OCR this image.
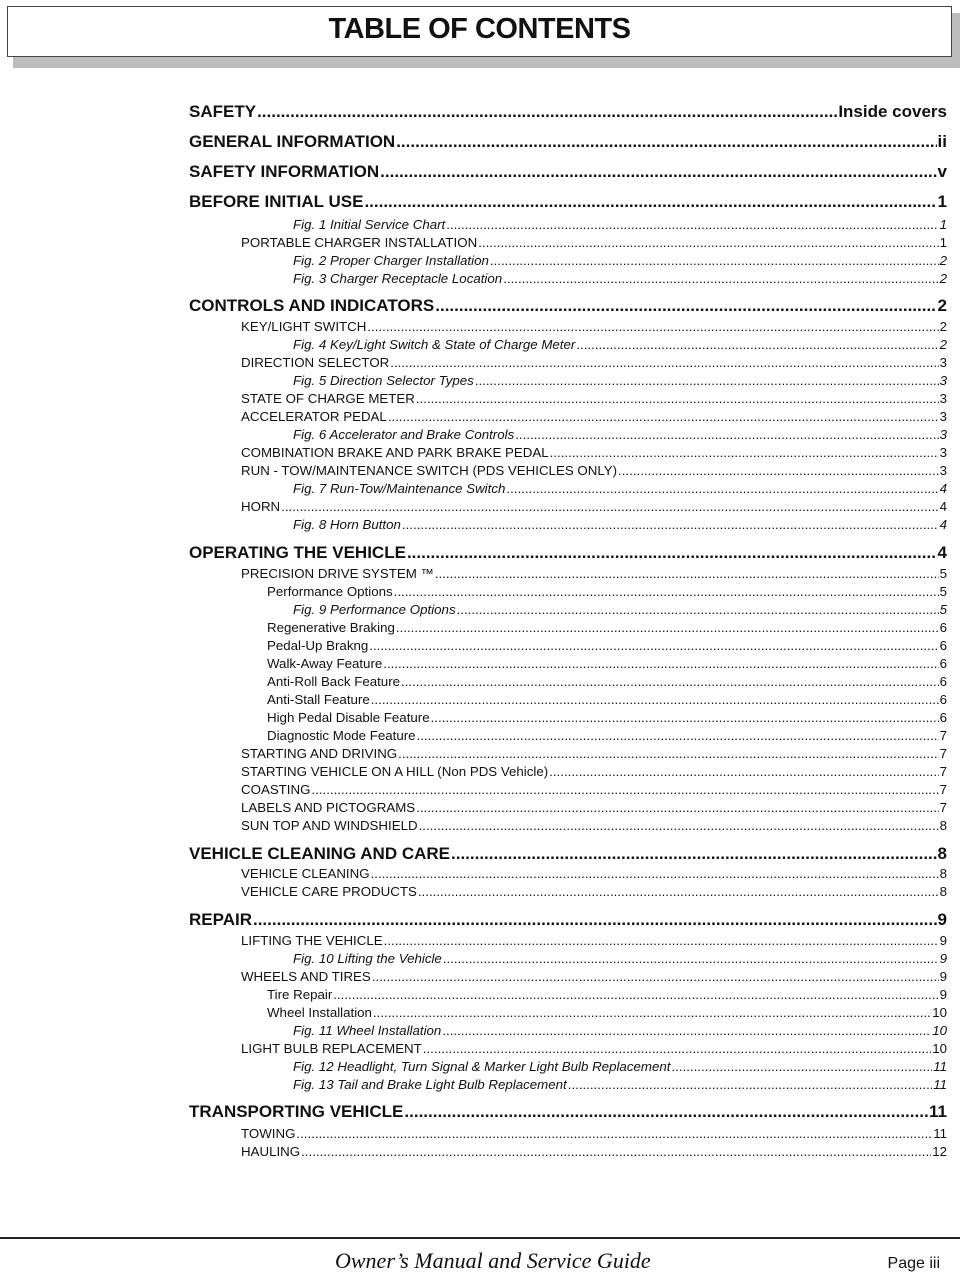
TABLE OF CONTENTS
SAFETY .....	Inside covers
GENERAL INFORMATION .....	ii
SAFETY INFORMATION .....	v
BEFORE INITIAL USE .....	1
Fig. 1 Initial Service Chart .....	1
PORTABLE CHARGER INSTALLATION .....	1
Fig. 2 Proper Charger Installation .....	2
Fig. 3 Charger Receptacle Location .....	2
CONTROLS AND INDICATORS .....	2
KEY/LIGHT SWITCH .....	2
Fig. 4 Key/Light Switch & State of Charge Meter .....	2
DIRECTION SELECTOR .....	3
Fig. 5 Direction Selector Types .....	3
STATE OF CHARGE METER .....	3
ACCELERATOR PEDAL .....	3
Fig. 6 Accelerator and Brake Controls .....	3
COMBINATION BRAKE AND PARK BRAKE PEDAL .....	3
RUN - TOW/MAINTENANCE SWITCH (PDS VEHICLES ONLY) .....	3
Fig. 7 Run-Tow/Maintenance Switch .....	4
HORN .....	4
Fig. 8 Horn Button .....	4
OPERATING THE VEHICLE .....	4
PRECISION DRIVE SYSTEM ™ .....	5
Performance Options .....	5
Fig. 9 Performance Options .....	5
Regenerative Braking .....	6
Pedal-Up Brakng .....	6
Walk-Away Feature .....	6
Anti-Roll Back Feature .....	6
Anti-Stall Feature .....	6
High Pedal Disable Feature .....	6
Diagnostic Mode Feature .....	7
STARTING AND DRIVING .....	7
STARTING VEHICLE ON A HILL (Non PDS Vehicle) .....	7
COASTING .....	7
LABELS AND PICTOGRAMS .....	7
SUN TOP AND WINDSHIELD .....	8
VEHICLE CLEANING AND CARE .....	8
VEHICLE CLEANING .....	8
VEHICLE CARE PRODUCTS .....	8
REPAIR .....	9
LIFTING THE VEHICLE .....	9
Fig. 10 Lifting the Vehicle .....	9
WHEELS AND TIRES .....	9
Tire Repair .....	9
Wheel Installation .....	10
Fig. 11 Wheel Installation .....	10
LIGHT BULB REPLACEMENT .....	10
Fig. 12 Headlight, Turn Signal & Marker Light Bulb Replacement .....	11
Fig. 13 Tail and Brake Light Bulb Replacement .....	11
TRANSPORTING VEHICLE .....	11
TOWING .....	11
HAULING .....	12
Owner’s Manual and Service Guide	Page iii
